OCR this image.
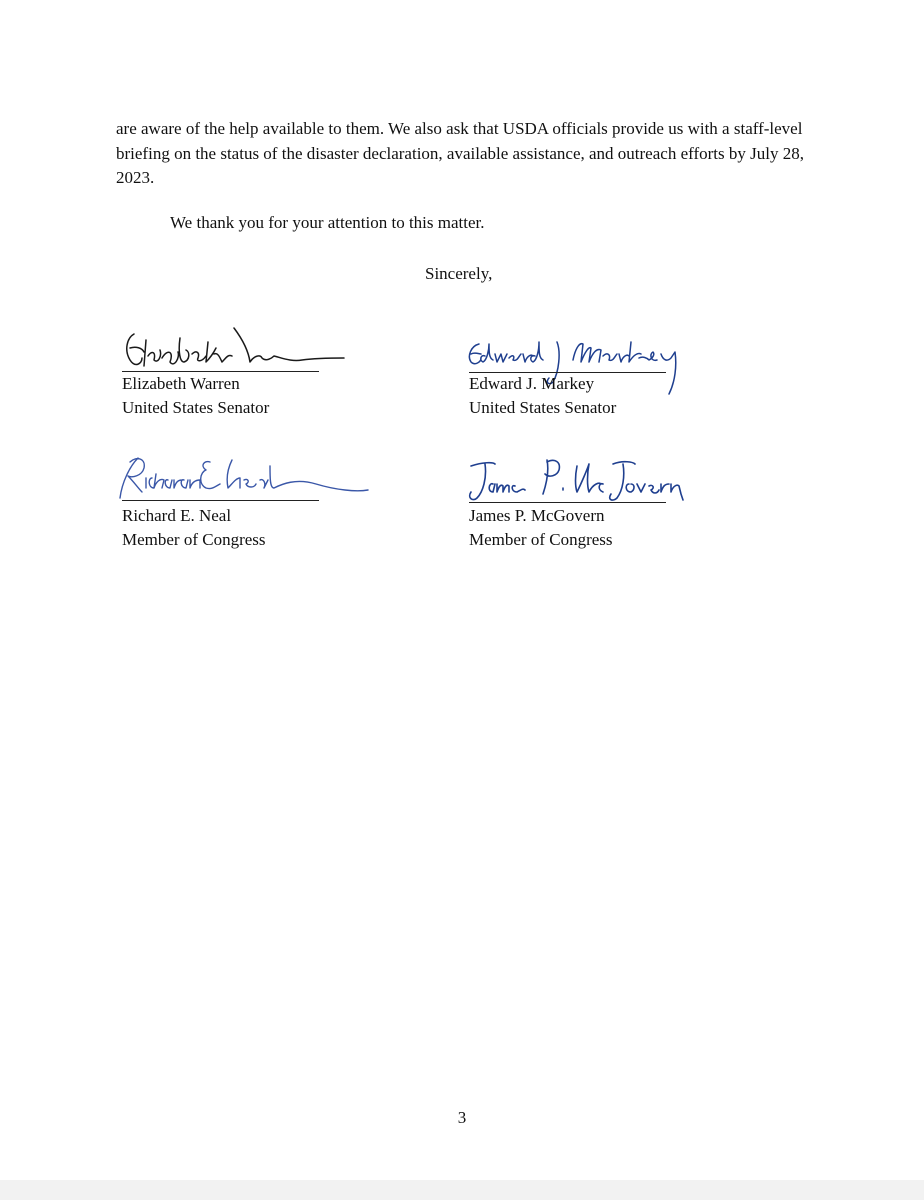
are aware of the help available to them. We also ask that USDA officials provide us with a staff-level briefing on the status of the disaster declaration, available assistance, and outreach efforts by July 28, 2023.

We thank you for your attention to this matter.

Sincerely,

Elizabeth Warren

United States Senator

Edward J. Markey

United States Senator

Richard E. Neal

Member of Congress

James P. McGovern

Member of Congress

3
